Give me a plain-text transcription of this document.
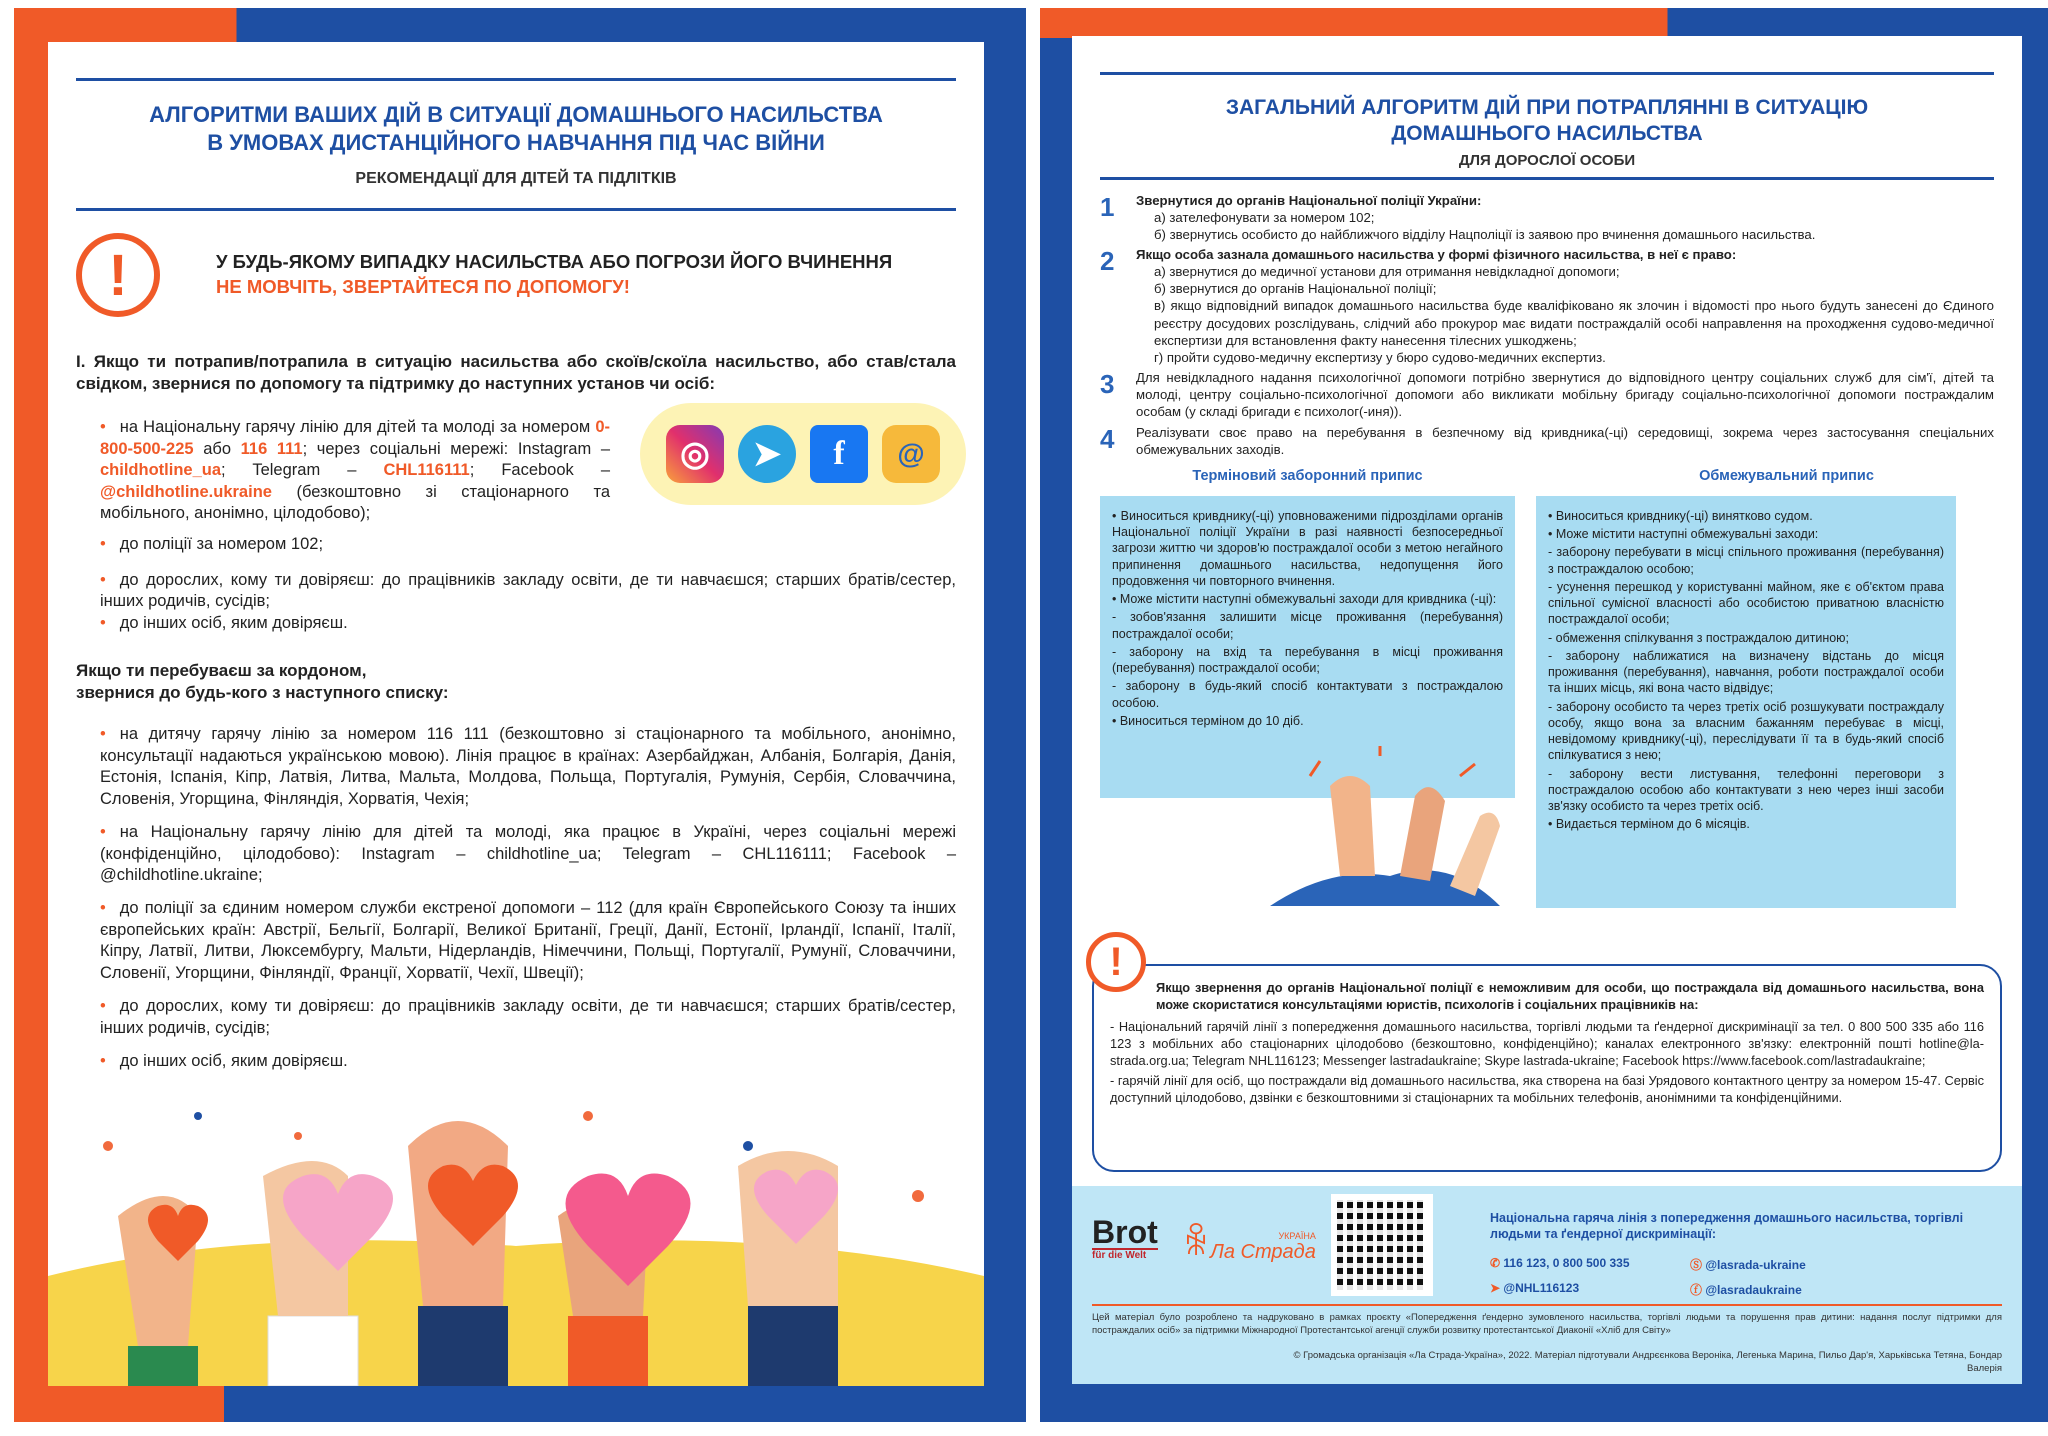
АЛГОРИТМИ ВАШИХ ДІЙ В СИТУАЦІЇ ДОМАШНЬОГО НАСИЛЬСТВА
В УМОВАХ ДИСТАНЦІЙНОГО НАВЧАННЯ ПІД ЧАС ВІЙНИ
РЕКОМЕНДАЦІЇ ДЛЯ ДІТЕЙ ТА ПІДЛІТКІВ
!	У БУДЬ-ЯКОМУ ВИПАДКУ НАСИЛЬСТВА АБО ПОГРОЗИ ЙОГО ВЧИНЕННЯ
НЕ МОВЧІТЬ, ЗВЕРТАЙТЕСЯ ПО ДОПОМОГУ!

І. Якщо ти потрапив/потрапила в ситуацію насильства або скоїв/скоїла насильство, або став/стала свідком, звернися по допомогу та підтримку до наступних установ чи осіб:

• на Національну гарячу лінію для дітей та молоді за номером 0-800-500-225 або 116 111; через соціальні мережі: Instagram – childhotline_ua; Telegram – CHL116111; Facebook – @childhotline.ukraine (безкоштовно зі стаціонарного та мобільного, анонімно, цілодобово);

◎	➤	f	@

• до поліції за номером 102;

• до дорослих, кому ти довіряєш: до працівників закладу освіти, де ти навчаєшся; старших братів/сестер, інших родичів, сусідів;

• до інших осіб, яким довіряєш.

Якщо ти перебуваєш за кордоном,
звернися до будь-кого з наступного списку:

• на дитячу гарячу лінію за номером 116 111 (безкоштовно зі стаціонарного та мобільного, анонімно, консультації надаються українською мовою). Лінія працює в країнах: Азербайджан, Албанія, Болгарія, Данія, Естонія, Іспанія, Кіпр, Латвія, Литва, Мальта, Молдова, Польща, Португалія, Румунія, Сербія, Словаччина, Словенія, Угорщина, Фінляндія, Хорватія, Чехія;

• на Національну гарячу лінію для дітей та молоді, яка працює в Україні, через соціальні мережі (конфіденційно, цілодобово): Instagram – childhotline_ua; Telegram – CHL116111; Facebook – @childhotline.ukraine;

• до поліції за єдиним номером служби екстреної допомоги – 112 (для країн Європейського Союзу та інших європейських країн: Австрії, Бельгії, Болгарії, Великої Британії, Греції, Данії, Естонії, Ірландії, Іспанії, Італії, Кіпру, Латвії, Литви, Люксембургу, Мальти, Нідерландів, Німеччини, Польщі, Португалії, Румунії, Словаччини, Словенії, Угорщини, Фінляндії, Франції, Хорватії, Чехії, Швеції);

• до дорослих, кому ти довіряєш: до працівників закладу освіти, де ти навчаєшся; старших братів/сестер, інших родичів, сусідів;

• до інших осіб, яким довіряєш.

ЗАГАЛЬНИЙ АЛГОРИТМ ДІЙ ПРИ ПОТРАПЛЯННІ В СИТУАЦІЮ
ДОМАШНЬОГО НАСИЛЬСТВА
ДЛЯ ДОРОСЛОЇ ОСОБИ
1	Звернутися до органів Національної поліції України:
а) зателефонувати за номером 102;
б) звернутись особисто до найближчого відділу Нацполіції із заявою про вчинення домашнього насильства.
2	Якщо особа зазнала домашнього насильства у формі фізичного насильства, в неї є право:
а) звернутися до медичної установи для отримання невідкладної допомоги;
б) звернутися до органів Національної поліції;
в) якщо відповідний випадок домашнього насильства буде кваліфіковано як злочин і відомості про нього будуть занесені до Єдиного реєстру досудових розслідувань, слідчий або прокурор має видати постраждалій особі направлення на проходження судово-медичної експертизи для встановлення факту нанесення тілесних ушкоджень;
г) пройти судово-медичну експертизу у бюро судово-медичних експертиз.
3	Для невідкладного надання психологічної допомоги потрібно звернутися до відповідного центру соціальних служб для сім'ї, дітей та молоді, центру соціально-психологічної допомоги або викликати мобільну бригаду соціально-психологічної допомоги постраждалим особам (у складі бригади є психолог(-иня)).
4	Реалізувати своє право на перебування в безпечному від кривдника(-ці) середовищі, зокрема через застосування спеціальних обмежувальних заходів.
Терміновий заборонний припис	Обмежувальний припис

• Виноситься кривднику(-ці) уповноваженими підрозділами органів Національної поліції України в разі наявності безпосередньої загрози життю чи здоров'ю постраждалої особи з метою негайного припинення домашнього насильства, недопущення його продовження чи повторного вчинення.

• Може містити наступні обмежувальні заходи для кривдника (-ці):

- зобов'язання залишити місце проживання (перебування) постраждалої особи;

- заборону на вхід та перебування в місці проживання (перебування) постраждалої особи;

- заборону в будь-який спосіб контактувати з постраждалою особою.

• Виноситься терміном до 10 діб.

• Виноситься кривднику(-ці) винятково судом.

• Може містити наступні обмежувальні заходи:

- заборону перебувати в місці спільного проживання (перебування) з постраждалою особою;

- усунення перешкод у користуванні майном, яке є об'єктом права спільної сумісної власності або особистою приватною власністю постраждалої особи;

- обмеження спілкування з постраждалою дитиною;

- заборону наближатися на визначену відстань до місця проживання (перебування), навчання, роботи постраждалої особи та інших місць, які вона часто відвідує;

- заборону особисто та через третіх осіб розшукувати постраждалу особу, якщо вона за власним бажанням перебуває в місці, невідомому кривднику(-ці), переслідувати її та в будь-який спосіб спілкуватися з нею;

- заборону вести листування, телефонні переговори з постраждалою особою або контактувати з нею через інші засоби зв'язку особисто та через третіх осіб.

• Видається терміном до 6 місяців.

!

Якщо звернення до органів Національної поліції є неможливим для особи, що постраждала від домашнього насильства, вона може скористатися консультаціями юристів, психологів і соціальних працівників на:

- Національний гарячій лінії з попередження домашнього насильства, торгівлі людьми та ґендерної дискримінації за тел. 0 800 500 335 або 116 123 з мобільних або стаціонарних цілодобово (безкоштовно, конфіденційно); каналах електронного зв'язку: електронній пошті hotline@la-strada.org.ua; Telegram NHL116123; Messenger lastradaukraine; Skype lastrada-ukraine; Facebook https://www.facebook.com/lastradaukraine;

- гарячій лінії для осіб, що постраждали від домашнього насильства, яка створена на базі Урядового контактного центру за номером 15-47. Сервіс доступний цілодобово, дзвінки є безкоштовними зі стаціонарних та мобільних телефонів, анонімними та конфіденційними.

Brot
für die Welt ꆜ	УКРАЇНА
Ла Страда
Національна гаряча лінія з попередження домашнього насильства, торгівлі людьми та ґендерної дискримінації:
✆ 116 123, 0 800 500 335	Ⓢ @lasrada-ukraine
➤ @NHL116123	ⓕ @lasradaukraine

Цей матеріал було розроблено та надруковано в рамках проєкту «Попередження ґендерно зумовленого насильства, торгівлі людьми та порушення прав дитини: надання послуг підтримки для постраждалих осіб» за підтримки Міжнародної Протестантської агенції служби розвитку протестантської Диаконії «Хліб для Світу»

© Громадська організація «Ла Страда-Україна», 2022. Матеріал підготували Андрєєнкова Вероніка, Легенька Марина, Пильо Дар'я, Харьківська Тетяна, Бондар Валерія
